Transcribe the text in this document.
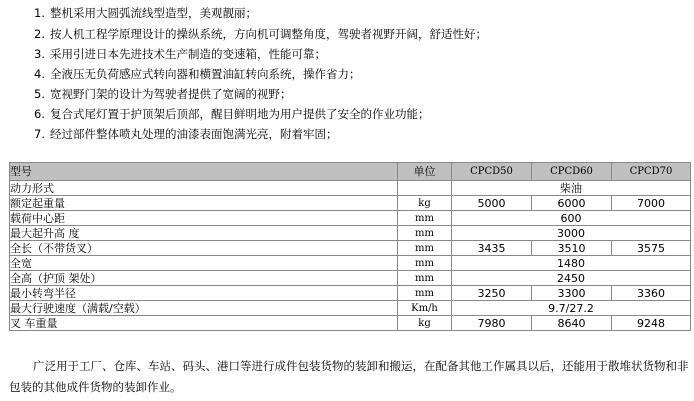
1. 整机采用大圆弧流线型造型，美观靓丽；
2. 按人机工程学原理设计的操纵系统，方向机可调整角度，驾驶者视野开阔，舒适性好；
3. 采用引进日本先进技术生产制造的变速箱，性能可靠；
4. 全液压无负荷感应式转向器和横置油缸转向系统，操作省力；
5. 宽视野门架的设计为驾驶者提供了宽阔的视野；
6. 复合式尾灯置于护顶架后顶部，醒目鲜明地为用户提供了安全的作业功能；
7. 经过部件整体喷丸处理的油漆表面饱满光亮，附着牢固；
型号	单位	CPCD50	CPCD60	CPCD70
动力形式		柴油		
额定起重量	kg	5000	6000	7000
载荷中心距	mm	600		
最大起升高 度	mm	3000		
全长（不带货叉）	mm	3435	3510	3575
全宽	mm	1480		
全高（护顶 架处）	mm	2450		
最小转弯半径	mm	3250	3300	3360
最大行驶速度（满载/空载）	Km/h	9.7/27.2		
叉 车重量	kg	7980	8640	9248

广泛用于工厂、仓库、车站、码头、港口等进行成件包装货物的装卸和搬运，在配备其他工作属具以后，还能用于散堆状货物和非包装的其他成件货物的装卸作业。
